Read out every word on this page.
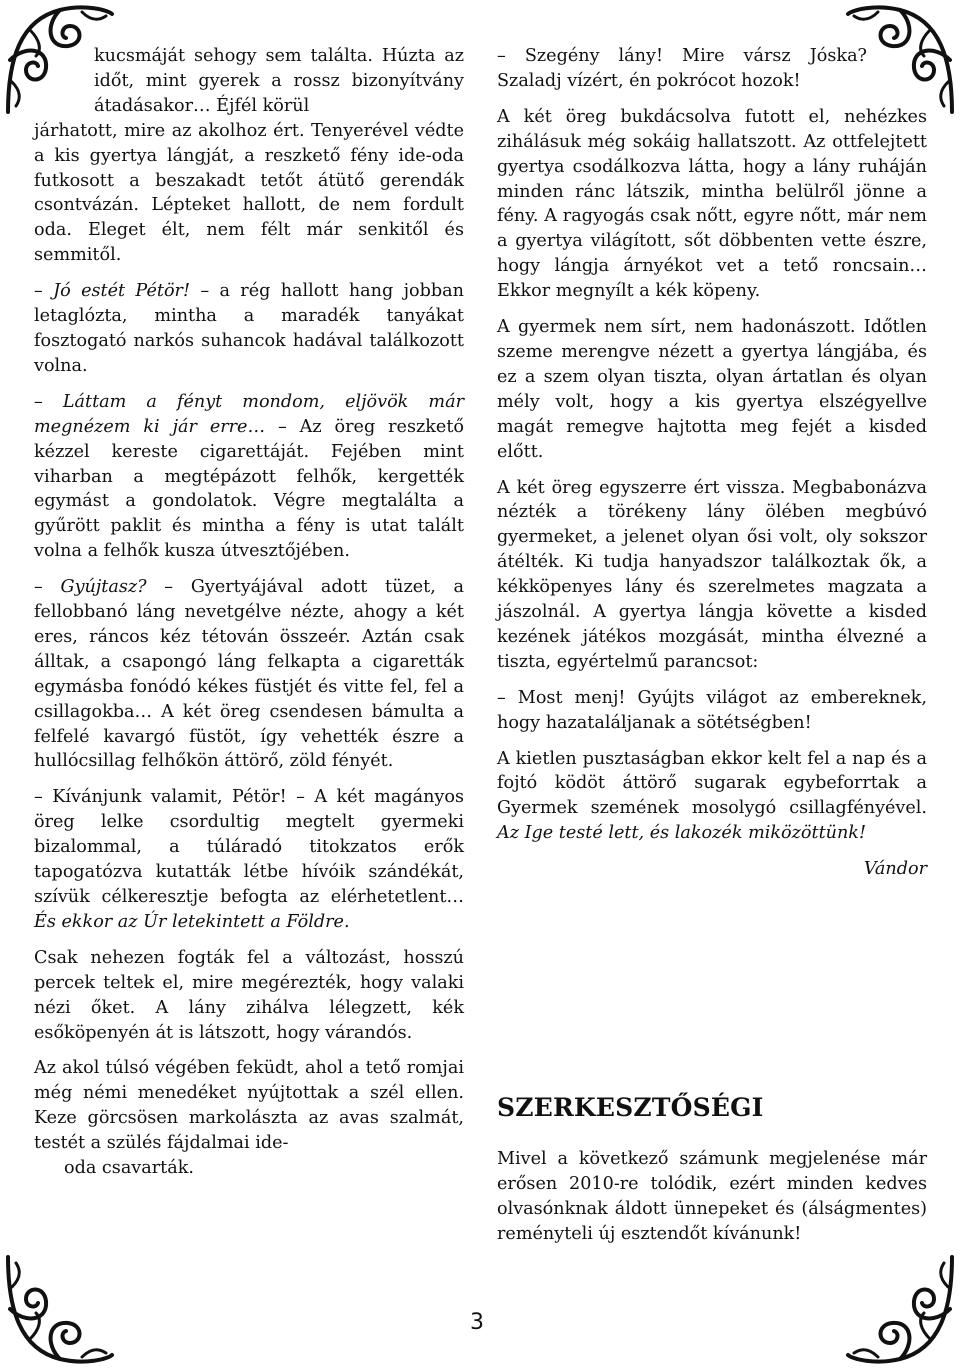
kucsmáját sehogy sem találta. Húzta az időt, mint gyerek a rossz bizonyítvány átadásakor… Éjfél körül
járhatott, mire az akolhoz ért. Tenyerével védte a kis gyertya lángját, a reszkető fény ide-oda futkosott a beszakadt tetőt átütő gerendák csontvázán. Lépteket hallott, de nem fordult oda. Eleget élt, nem félt már senkitől és semmitől.

– Jó estét Pétör! – a rég hallott hang jobban letaglózta, mintha a maradék tanyákat fosztogató narkós suhancok hadával találkozott volna.

– Láttam a fényt mondom, eljövök már megnézem ki jár erre… – Az öreg reszkető kézzel kereste cigarettáját. Fejében mint viharban a megtépázott felhők, kergették egymást a gondolatok. Végre megtalálta a gyűrött paklit és mintha a fény is utat talált volna a felhők kusza útvesztőjében.

– Gyújtasz? – Gyertyájával adott tüzet, a fellobbanó láng nevetgélve nézte, ahogy a két eres, ráncos kéz tétován összeér. Aztán csak álltak, a csapongó láng felkapta a cigaretták egymásba fonódó kékes füstjét és vitte fel, fel a csillagokba… A két öreg csendesen bámulta a felfelé kavargó füstöt, így vehették észre a hullócsillag felhőkön áttörő, zöld fényét.

– Kívánjunk valamit, Pétör! – A két magányos öreg lelke csordultig megtelt gyermeki bizalommal, a túláradó titokzatos erők tapogatózva kutatták létbe hívóik szándékát, szívük célkeresztje befogta az elérhetetlent… És ekkor az Úr letekintett a Földre.

Csak nehezen fogták fel a változást, hosszú percek teltek el, mire megérezték, hogy valaki nézi őket. A lány zihálva lélegzett, kék esőköpenyén át is látszott, hogy várandós.

Az akol túlsó végében feküdt, ahol a tető romjai még némi menedéket nyújtottak a szél ellen. Keze görcsösen markolászta az avas szalmát, testét a szülés fájdalmai ide-
oda csavarták.

– Szegény lány! Mire vársz Jóska? Szaladj vízért, én pokrócot hozok!

A két öreg bukdácsolva futott el, nehézkes zihálásuk még sokáig hallatszott. Az ottfelejtett gyertya csodálkozva látta, hogy a lány ruháján minden ránc látszik, mintha belülről jönne a fény. A ragyogás csak nőtt, egyre nőtt, már nem a gyertya világított, sőt döbbenten vette észre, hogy lángja árnyékot vet a tető roncsain… Ekkor megnyílt a kék köpeny.

A gyermek nem sírt, nem hadonászott. Időtlen szeme merengve nézett a gyertya lángjába, és ez a szem olyan tiszta, olyan ártatlan és olyan mély volt, hogy a kis gyertya elszégyellve magát remegve hajtotta meg fejét a kisded előtt.

A két öreg egyszerre ért vissza. Megbabonázva nézték a törékeny lány ölében megbúvó gyermeket, a jelenet olyan ősi volt, oly sokszor átélték. Ki tudja hanyadszor találkoztak ők, a kékköpenyes lány és szerelmetes magzata a jászolnál. A gyertya lángja követte a kisded kezének játékos mozgását, mintha élvezné a tiszta, egyértelmű parancsot:

– Most menj! Gyújts világot az embereknek, hogy hazataláljanak a sötétségben!

A kietlen pusztaságban ekkor kelt fel a nap és a fojtó ködöt áttörő sugarak egybeforrtak a Gyermek szemének mosolygó csillagfényével. Az Ige testé lett, és lakozék miközöttünk!

Vándor

SZERKESZTŐSÉGI

Mivel a következő számunk megjelenése már erősen 2010-re tolódik, ezért minden kedves olvasónknak áldott ünnepeket és (álságmentes) reményteli új esztendőt kívánunk!

3
